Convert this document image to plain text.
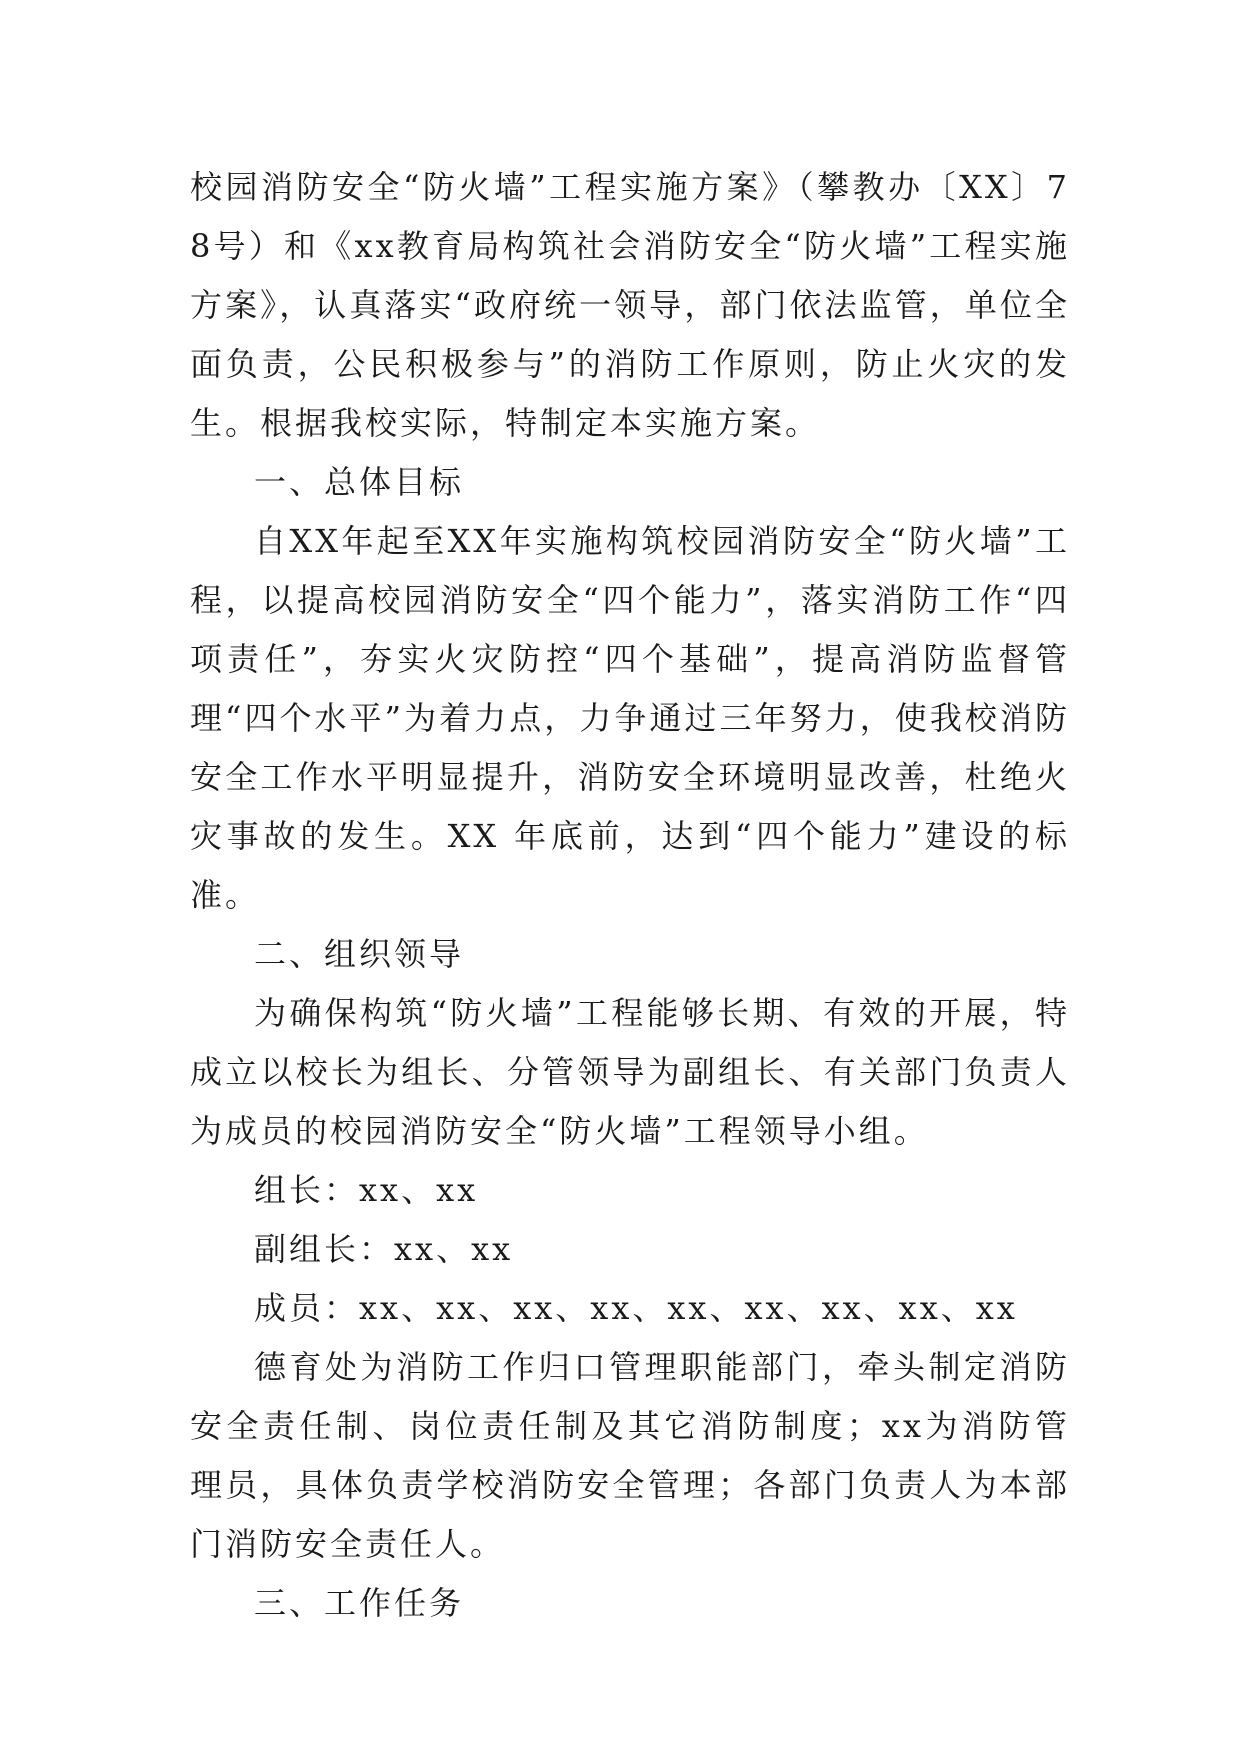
校园消防安全“防火墙”工程实施方案》（攀教办〔XX〕78号）和《xx教育局构筑社会消防安全“防火墙”工程实施方案》，认真落实“政府统一领导，部门依法监管，单位全面负责，公民积极参与”的消防工作原则，防止火灾的发生。根据我校实际，特制定本实施方案。

一、总体目标

自XX年起至XX年实施构筑校园消防安全“防火墙”工程，以提高校园消防安全“四个能力”，落实消防工作“四项责任”，夯实火灾防控“四个基础”，提高消防监督管理“四个水平”为着力点，力争通过三年努力，使我校消防安全工作水平明显提升，消防安全环境明显改善，杜绝火灾事故的发生。XX 年底前，达到“四个能力”建设的标准。

二、组织领导

为确保构筑“防火墙”工程能够长期、有效的开展，特成立以校长为组长、分管领导为副组长、有关部门负责人为成员的校园消防安全“防火墙”工程领导小组。

组长：xx、xx

副组长：xx、xx

成员：xx、xx、xx、xx、xx、xx、xx、xx、xx

德育处为消防工作归口管理职能部门，牵头制定消防安全责任制、岗位责任制及其它消防制度；xx为消防管理员，具体负责学校消防安全管理；各部门负责人为本部门消防安全责任人。

三、工作任务
